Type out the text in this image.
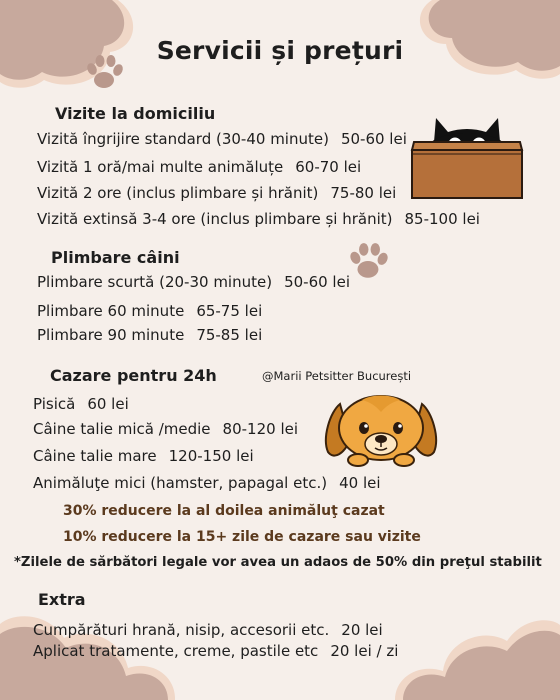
Servicii și prețuri
Vizite la domiciliu
Vizită îngrijire standard (30-40 minute) 50-60 lei
Vizită 1 oră/mai multe animăluțe 60-70 lei
Vizită 2 ore (inclus plimbare și hrănit) 75-80 lei
Vizită extinsă 3-4 ore (inclus plimbare și hrănit) 85-100 lei
Plimbare câini
Plimbare scurtă (20-30 minute) 50-60 lei
Plimbare 60 minute 65-75 lei
Plimbare 90 minute 75-85 lei
Cazare pentru 24h	@Marii Petsitter București
Pisică 60 lei
Câine talie mică /medie 80-120 lei
Câine talie mare 120-150 lei
Animăluţe mici (hamster, papagal etc.) 40 lei
30% reducere la al doilea animăluţ cazat
10% reducere la 15+ zile de cazare sau vizite
*Zilele de sărbători legale vor avea un adaos de 50% din preţul stabilit
Extra
Cumpărături hrană, nisip, accesorii etc. 20 lei
Aplicat tratamente, creme, pastile etc 20 lei / zi
